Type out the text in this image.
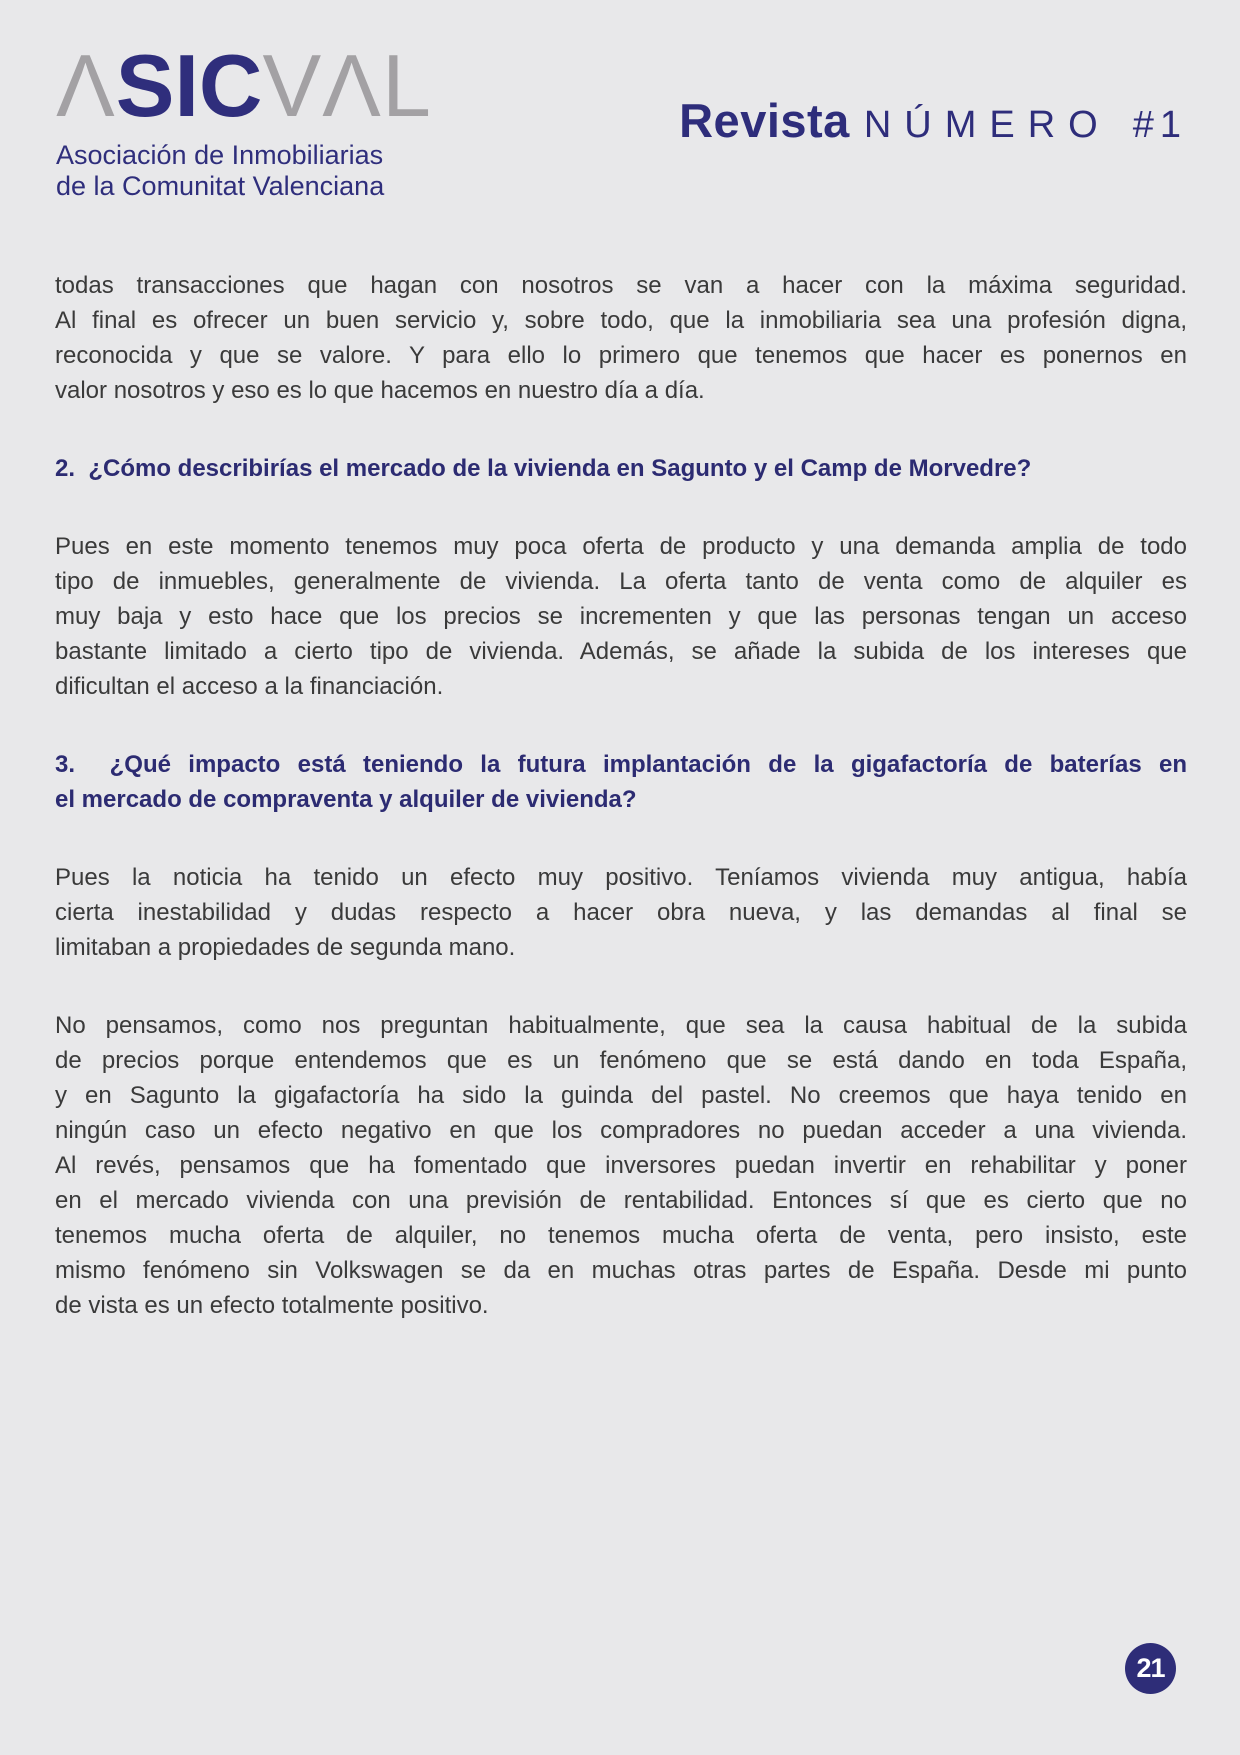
Λ SIC VΛL
Asociación de Inmobiliarias
de la Comunitat Valenciana
Revista NÚMERO #1
todas transacciones que hagan con nosotros se van a hacer con la máxima seguridad.
Al final es ofrecer un buen servicio y, sobre todo, que la inmobiliaria sea una profesión digna,
reconocida y que se valore. Y para ello lo primero que tenemos que hacer es ponernos en
valor nosotros y eso es lo que hacemos en nuestro día a día.
2.  ¿Cómo describirías el mercado de la vivienda en Sagunto y el Camp de Morvedre?
Pues en este momento tenemos muy poca oferta de producto y una demanda amplia de todo
tipo de inmuebles, generalmente de vivienda. La oferta tanto de venta como de alquiler es
muy baja y esto hace que los precios se incrementen y que las personas tengan un acceso
bastante limitado a cierto tipo de vivienda. Además, se añade la subida de los intereses que
dificultan el acceso a la financiación.
3.  ¿Qué impacto está teniendo la futura implantación de la gigafactoría de baterías en
el mercado de compraventa y alquiler de vivienda?
Pues la noticia ha tenido un efecto muy positivo. Teníamos vivienda muy antigua, había
cierta inestabilidad y dudas respecto a hacer obra nueva, y las demandas al final se
limitaban a propiedades de segunda mano.
No pensamos, como nos preguntan habitualmente, que sea la causa habitual de la subida
de precios porque entendemos que es un fenómeno que se está dando en toda España,
y en Sagunto la gigafactoría ha sido la guinda del pastel. No creemos que haya tenido en
ningún caso un efecto negativo en que los compradores no puedan acceder a una vivienda.
Al revés, pensamos que ha fomentado que inversores puedan invertir en rehabilitar y poner
en el mercado vivienda con una previsión de rentabilidad. Entonces sí que es cierto que no
tenemos mucha oferta de alquiler, no tenemos mucha oferta de venta, pero insisto, este
mismo fenómeno sin Volkswagen se da en muchas otras partes de España. Desde mi punto
de vista es un efecto totalmente positivo.
21
